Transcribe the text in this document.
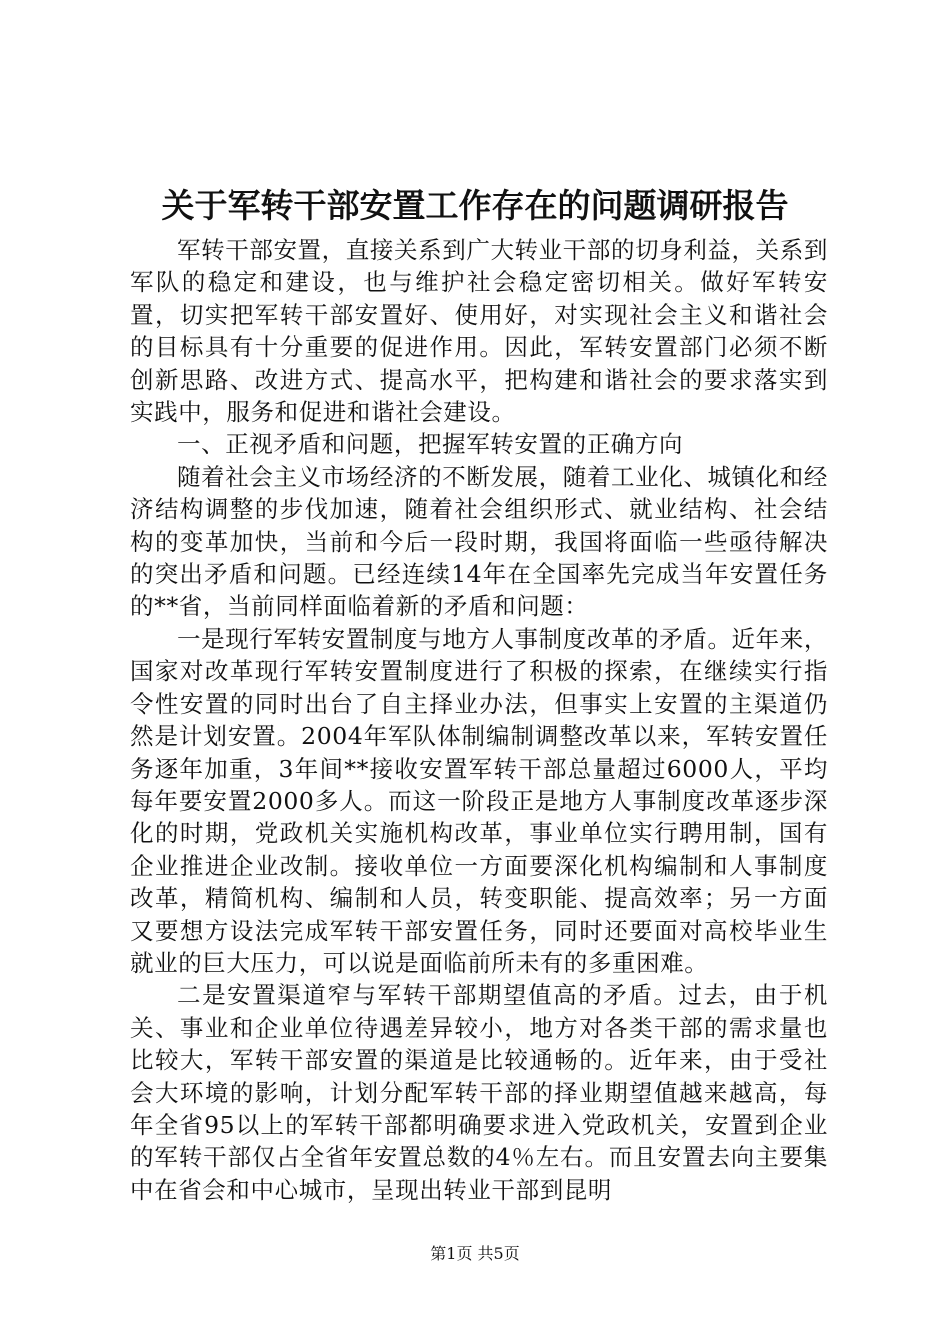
关于军转干部安置工作存在的问题调研报告

军转干部安置，直接关系到广大转业干部的切身利益，关系到军队的稳定和建设，也与维护社会稳定密切相关。做好军转安置，切实把军转干部安置好、使用好，对实现社会主义和谐社会的目标具有十分重要的促进作用。因此，军转安置部门必须不断创新思路、改进方式、提高水平，把构建和谐社会的要求落实到实践中，服务和促进和谐社会建设。

一、正视矛盾和问题，把握军转安置的正确方向

随着社会主义市场经济的不断发展，随着工业化、城镇化和经济结构调整的步伐加速，随着社会组织形式、就业结构、社会结构的变革加快，当前和今后一段时期，我国将面临一些亟待解决的突出矛盾和问题。已经连续14年在全国率先完成当年安置任务的**省，当前同样面临着新的矛盾和问题：

一是现行军转安置制度与地方人事制度改革的矛盾。近年来，国家对改革现行军转安置制度进行了积极的探索，在继续实行指令性安置的同时出台了自主择业办法，但事实上安置的主渠道仍然是计划安置。2004年军队体制编制调整改革以来，军转安置任务逐年加重，3年间**接收安置军转干部总量超过6000人，平均每年要安置2000多人。而这一阶段正是地方人事制度改革逐步深化的时期，党政机关实施机构改革，事业单位实行聘用制，国有企业推进企业改制。接收单位一方面要深化机构编制和人事制度改革，精简机构、编制和人员，转变职能、提高效率；另一方面又要想方设法完成军转干部安置任务，同时还要面对高校毕业生就业的巨大压力，可以说是面临前所未有的多重困难。

二是安置渠道窄与军转干部期望值高的矛盾。过去，由于机关、事业和企业单位待遇差异较小，地方对各类干部的需求量也比较大，军转干部安置的渠道是比较通畅的。近年来，由于受社会大环境的影响，计划分配军转干部的择业期望值越来越高，每年全省95以上的军转干部都明确要求进入党政机关，安置到企业的军转干部仅占全省年安置总数的4％左右。而且安置去向主要集中在省会和中心城市，呈现出转业干部到昆明

第1页 共5页
